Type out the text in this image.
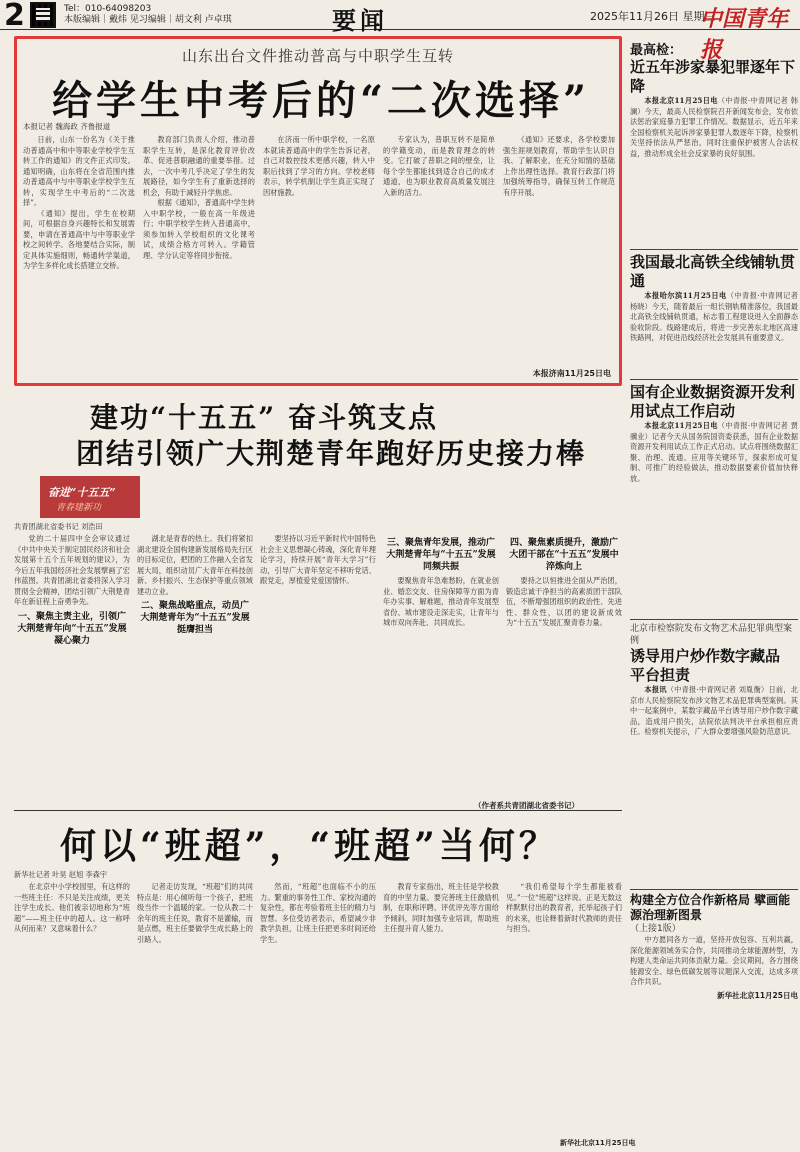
2	Tel：010-64098203
本版编辑｜戴炜 见习编辑｜胡文利 卢卓琪	要闻	2025年11月26日 星期三
中国青年报
山东出台文件推动普高与中职学生互转
给学生中考后的“二次选择”
本报记者 魏海政 齐鲁报道

日前，山东一份名为《关于推动普通高中和中等职业学校学生互转工作的通知》的文件正式印发。通知明确，山东将在全省范围内推动普通高中与中等职业学校学生互转，实现学生中考后的“二次选择”。

《通知》提出，学生在校期间，可根据自身兴趣特长和发展需要，申请在普通高中与中等职业学校之间转学。各地要结合实际，制定具体实施细则，畅通转学渠道，为学生多样化成长搭建立交桥。

教育部门负责人介绍，推动普职学生互转，是深化教育评价改革、促进普职融通的重要举措。过去，一次中考几乎决定了学生的发展路径，如今学生有了重新选择的机会，有助于减轻升学焦虑。

根据《通知》，普通高中学生转入中职学校，一般在高一年级进行；中职学校学生转入普通高中，须参加转入学校组织的文化课考试，成绩合格方可转入。学籍管理、学分认定等将同步衔接。

在济南一所中职学校，一名原本就读普通高中的学生告诉记者，自己对数控技术更感兴趣，转入中职后找到了学习的方向。学校老师表示，转学机制让学生真正实现了因材施教。

专家认为，普职互转不是简单的学籍变动，而是教育理念的转变。它打破了普职之间的壁垒，让每个学生都能找到适合自己的成才通道，也为职业教育高质量发展注入新的活力。

《通知》还要求，各学校要加强生涯规划教育，帮助学生认识自我、了解职业，在充分知情的基础上作出理性选择。教育行政部门将加强统筹指导，确保互转工作规范有序开展。

本报济南11月25日电
最高检：
近五年涉家暴犯罪逐年下降

本报北京11月25日电（中青报·中青网记者 韩澜）今天，最高人民检察院召开新闻发布会，发布依法惩治家庭暴力犯罪工作情况。数据显示，近五年来全国检察机关起诉涉家暴犯罪人数逐年下降，检察机关坚持依法从严惩治，同时注重保护被害人合法权益，推动形成全社会反家暴的良好氛围。

我国最北高铁全线铺轨贯通

本报哈尔滨11月25日电（中青报·中青网记者 杨晓）今天，随着最后一组长钢轨精准落位，我国最北高铁全线铺轨贯通，标志着工程建设进入全面静态验收阶段。线路建成后，将进一步完善东北地区高速铁路网，对促进沿线经济社会发展具有重要意义。

国有企业数据资源开发利用试点工作启动

本报北京11月25日电（中青报·中青网记者 贾骥业）记者今天从国务院国资委获悉，国有企业数据资源开发利用试点工作正式启动。试点将围绕数据汇聚、治理、流通、应用等关键环节，探索形成可复制、可推广的经验做法，推动数据要素价值加快释放。

北京市检察院发布文物艺术品犯罪典型案例
诱导用户炒作数字藏品 平台担责

本报讯（中青报·中青网记者 刘胤衡）日前，北京市人民检察院发布涉文物艺术品犯罪典型案例。其中一起案例中，某数字藏品平台诱导用户炒作数字藏品，造成用户损失，法院依法判决平台承担相应责任。检察机关提示，广大群众要增强风险防范意识。

构建全方位合作新格局 擘画能源治理新图景
（上接1版）

中方愿同各方一道，坚持开放包容、互利共赢，深化能源领域务实合作，共同推动全球能源转型，为构建人类命运共同体贡献力量。会议期间，各方围绕能源安全、绿色低碳发展等议题深入交流，达成多项合作共识。

新华社北京11月25日电
建功“十五五” 奋斗筑支点
团结引领广大荆楚青年跑好历史接力棒
奋进“十五五”
青春建新功
共青团湖北省委书记 刘浩田

党的二十届四中全会审议通过《中共中央关于制定国民经济和社会发展第十五个五年规划的建议》，为今后五年我国经济社会发展擘画了宏伟蓝图。共青团湖北省委将深入学习贯彻全会精神，团结引领广大荆楚青年在新征程上奋勇争先。

一、聚焦主责主业，引领广大荆楚青年向“十五五”发展凝心聚力

湖北是青春的热土。我们将紧扣湖北建设全国构建新发展格局先行区的目标定位，把团的工作融入全省发展大局，组织动员广大青年在科技创新、乡村振兴、生态保护等重点领域建功立业。

二、聚焦战略重点，动员广大荆楚青年为“十五五”发展挺膺担当

要坚持以习近平新时代中国特色社会主义思想凝心铸魂，深化青年理论学习，持续开展“青年大学习”行动，引导广大青年坚定不移听党话、跟党走，厚植爱党爱国情怀。

三、聚焦青年发展，推动广大荆楚青年与“十五五”发展同频共振

要聚焦青年急难愁盼，在就业创业、婚恋交友、住房保障等方面为青年办实事、解难题，推动青年发展型省份、城市建设走深走实，让青年与城市双向奔赴、共同成长。

四、聚焦素质提升，激励广大团干部在“十五五”发展中淬炼向上

要持之以恒推进全面从严治团，锻造忠诚干净担当的高素质团干部队伍，不断增强团组织的政治性、先进性、群众性，以团的建设新成效为“十五五”发展汇聚青春力量。

（作者系共青团湖北省委书记）
何以“班超”，“班超”当何？
新华社记者 叶昊 赵旭 李森宇

在北京中小学校园里，有这样的一些班主任：不只是关注成绩，更关注学生成长。他们被亲切地称为“班超”——班主任中的超人。这一称呼从何而来？又意味着什么？

记者走访发现，“班超”们的共同特点是：用心倾听每一个孩子，把班级当作一个温暖的家。一位从教二十余年的班主任说，教育不是灌输，而是点燃，班主任要做学生成长路上的引路人。

然而，“班超”也面临不小的压力。繁重的事务性工作、家校沟通的复杂性，都在考验着班主任的精力与智慧。多位受访者表示，希望减少非教学负担，让班主任把更多时间还给学生。

教育专家指出，班主任是学校教育的中坚力量。要完善班主任激励机制，在职称评聘、评优评先等方面给予倾斜，同时加强专业培训，帮助班主任提升育人能力。

“我们希望每个学生都能被看见。”一位“班超”这样说。正是无数这样默默付出的教育者，托举起孩子们的未来，也诠释着新时代教师的责任与担当。

新华社北京11月25日电
